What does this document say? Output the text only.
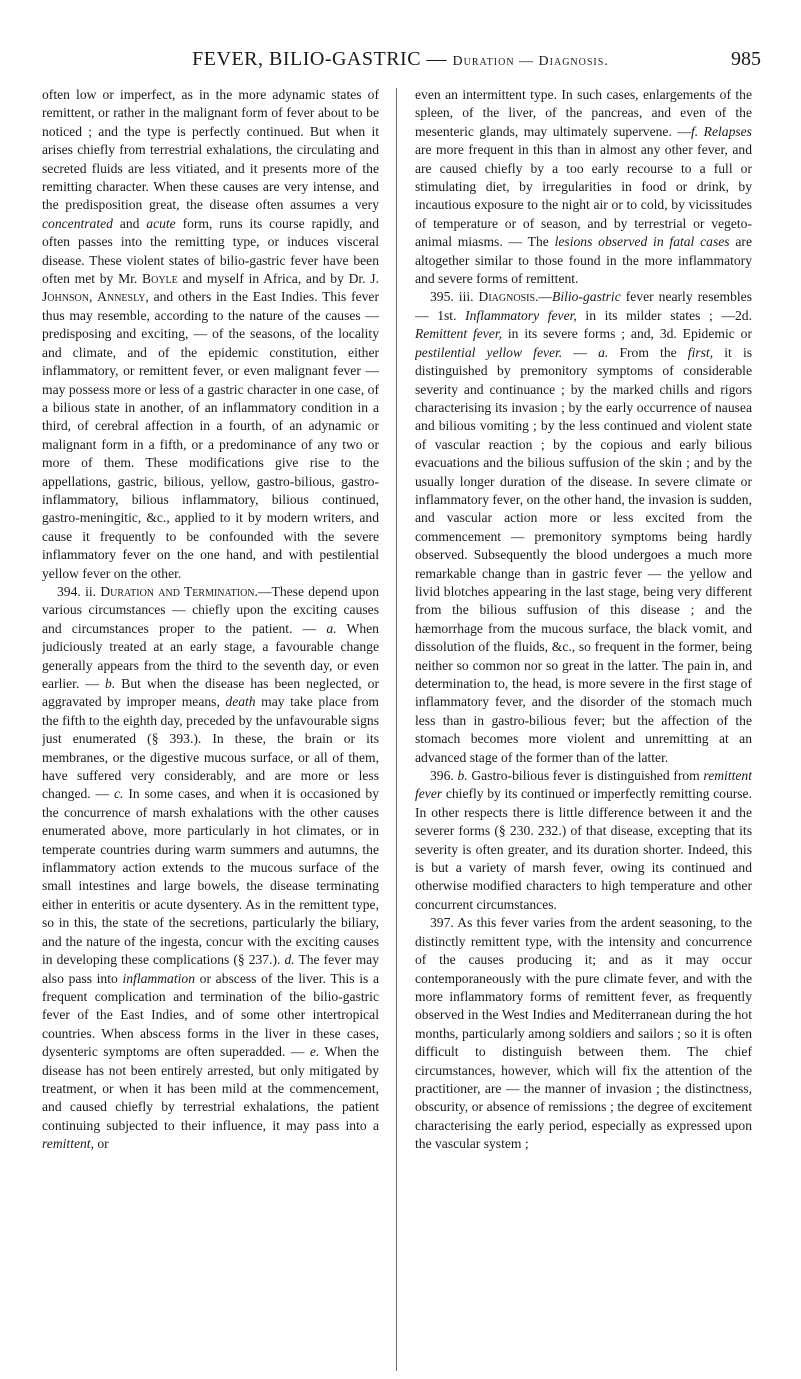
FEVER, BILIO-GASTRIC — Duration — Diagnosis.	985

often low or imperfect, as in the more adynamic states of remittent, or rather in the malignant form of fever about to be noticed ; and the type is perfectly continued. But when it arises chiefly from terrestrial exhalations, the circulating and secreted fluids are less vitiated, and it presents more of the remitting character. When these causes are very intense, and the predisposition great, the disease often assumes a very concentrated and acute form, runs its course rapidly, and often passes into the remitting type, or induces visceral disease. These violent states of bilio-gastric fever have been often met by Mr. Boyle and myself in Africa, and by Dr. J. Johnson, Annesly, and others in the East Indies. This fever thus may resemble, according to the nature of the causes — predisposing and exciting, — of the seasons, of the locality and climate, and of the epidemic constitution, either inflammatory, or remittent fever, or even malignant fever — may possess more or less of a gastric character in one case, of a bilious state in another, of an inflammatory condition in a third, of cerebral affection in a fourth, of an adynamic or malignant form in a fifth, or a predominance of any two or more of them. These modifications give rise to the appellations, gastric, bilious, yellow, gastro-bilious, gastro-inflammatory, bilious inflammatory, bilious continued, gastro-meningitic, &c., applied to it by modern writers, and cause it frequently to be confounded with the severe inflammatory fever on the one hand, and with pestilential yellow fever on the other.

394. ii. Duration and Termination.—These depend upon various circumstances — chiefly upon the exciting causes and circumstances proper to the patient. — a. When judiciously treated at an early stage, a favourable change generally appears from the third to the seventh day, or even earlier. — b. But when the disease has been neglected, or aggravated by improper means, death may take place from the fifth to the eighth day, preceded by the unfavourable signs just enumerated (§ 393.). In these, the brain or its membranes, or the digestive mucous surface, or all of them, have suffered very considerably, and are more or less changed. — c. In some cases, and when it is occasioned by the concurrence of marsh exhalations with the other causes enumerated above, more particularly in hot climates, or in temperate countries during warm summers and autumns, the inflammatory action extends to the mucous surface of the small intestines and large bowels, the disease terminating either in enteritis or acute dysentery. As in the remittent type, so in this, the state of the secretions, particularly the biliary, and the nature of the ingesta, concur with the exciting causes in developing these complications (§ 237.). d. The fever may also pass into inflammation or abscess of the liver. This is a frequent complication and termination of the bilio-gastric fever of the East Indies, and of some other intertropical countries. When abscess forms in the liver in these cases, dysenteric symptoms are often superadded. — e. When the disease has not been entirely arrested, but only mitigated by treatment, or when it has been mild at the commencement, and caused chiefly by terrestrial exhalations, the patient continuing subjected to their influence, it may pass into a remittent, or

even an intermittent type. In such cases, enlargements of the spleen, of the liver, of the pancreas, and even of the mesenteric glands, may ultimately supervene. —f. Relapses are more frequent in this than in almost any other fever, and are caused chiefly by a too early recourse to a full or stimulating diet, by irregularities in food or drink, by incautious exposure to the night air or to cold, by vicissitudes of temperature or of season, and by terrestrial or vegeto-animal miasms. — The lesions observed in fatal cases are altogether similar to those found in the more inflammatory and severe forms of remittent.

395. iii. Diagnosis.—Bilio-gastric fever nearly resembles — 1st. Inflammatory fever, in its milder states ; —2d. Remittent fever, in its severe forms ; and, 3d. Epidemic or pestilential yellow fever. — a. From the first, it is distinguished by premonitory symptoms of considerable severity and continuance ; by the marked chills and rigors characterising its invasion ; by the early occurrence of nausea and bilious vomiting ; by the less continued and violent state of vascular reaction ; by the copious and early bilious evacuations and the bilious suffusion of the skin ; and by the usually longer duration of the disease. In severe climate or inflammatory fever, on the other hand, the invasion is sudden, and vascular action more or less excited from the commencement — premonitory symptoms being hardly observed. Subsequently the blood undergoes a much more remarkable change than in gastric fever — the yellow and livid blotches appearing in the last stage, being very different from the bilious suffusion of this disease ; and the hæmorrhage from the mucous surface, the black vomit, and dissolution of the fluids, &c., so frequent in the former, being neither so common nor so great in the latter. The pain in, and determination to, the head, is more severe in the first stage of inflammatory fever, and the disorder of the stomach much less than in gastro-bilious fever; but the affection of the stomach becomes more violent and unremitting at an advanced stage of the former than of the latter.

396. b. Gastro-bilious fever is distinguished from remittent fever chiefly by its continued or imperfectly remitting course. In other respects there is little difference between it and the severer forms (§ 230. 232.) of that disease, excepting that its severity is often greater, and its duration shorter. Indeed, this is but a variety of marsh fever, owing its continued and otherwise modified characters to high temperature and other concurrent circumstances.

397. As this fever varies from the ardent seasoning, to the distinctly remittent type, with the intensity and concurrence of the causes producing it; and as it may occur contemporaneously with the pure climate fever, and with the more inflammatory forms of remittent fever, as frequently observed in the West Indies and Mediterranean during the hot months, particularly among soldiers and sailors ; so it is often difficult to distinguish between them. The chief circumstances, however, which will fix the attention of the practitioner, are — the manner of invasion ; the distinctness, obscurity, or absence of remissions ; the degree of excitement characterising the early period, especially as expressed upon the vascular system ;
